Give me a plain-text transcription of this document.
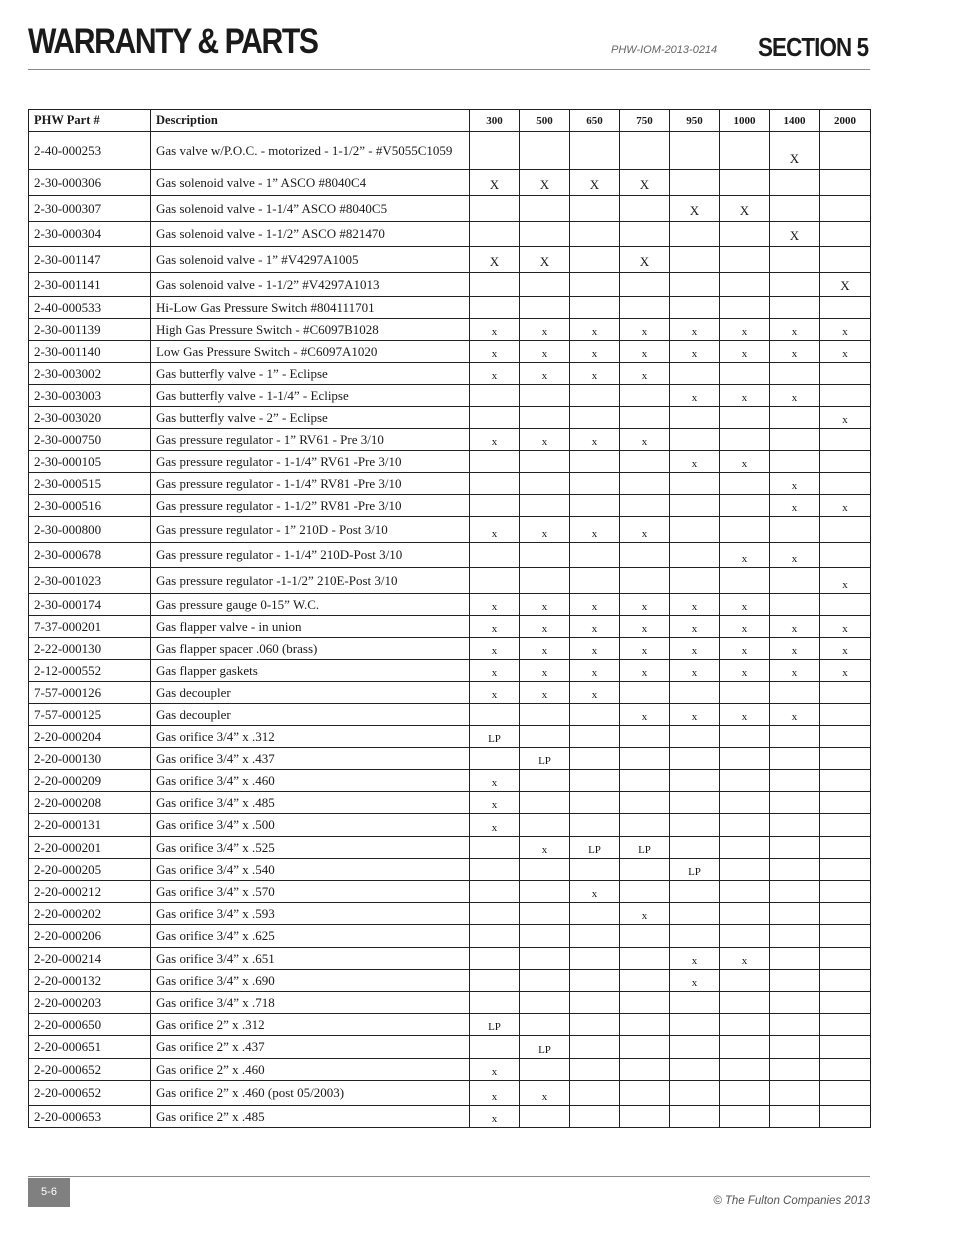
WARRANTY & PARTS	PHW-IOM-2013-0214 SECTION 5
PHW Part #	Description	300	500	650	750	950	1000	1400	2000
2-40-000253	Gas valve w/P.O.C. - motorized - 1-1/2” - #V5055C1059							X	
2-30-000306	Gas solenoid valve - 1” ASCO #8040C4	X	X	X	X				
2-30-000307	Gas solenoid valve - 1-1/4” ASCO #8040C5					X	X		
2-30-000304	Gas solenoid valve - 1-1/2” ASCO #821470							X	
2-30-001147	Gas solenoid valve - 1” #V4297A1005	X	X		X				
2-30-001141	Gas solenoid valve - 1-1/2” #V4297A1013								X
2-40-000533	Hi-Low Gas Pressure Switch #804111701								
2-30-001139	High Gas Pressure Switch - #C6097B1028	x	x	x	x	x	x	x	x
2-30-001140	Low Gas Pressure Switch - #C6097A1020	x	x	x	x	x	x	x	x
2-30-003002	Gas butterfly valve - 1” - Eclipse	x	x	x	x				
2-30-003003	Gas butterfly valve - 1-1/4” - Eclipse					x	x	x	
2-30-003020	Gas butterfly valve - 2” - Eclipse								x
2-30-000750	Gas pressure regulator - 1” RV61 - Pre 3/10	x	x	x	x				
2-30-000105	Gas pressure regulator - 1-1/4” RV61 -Pre 3/10					x	x		
2-30-000515	Gas pressure regulator - 1-1/4” RV81 -Pre 3/10							x	
2-30-000516	Gas pressure regulator - 1-1/2” RV81 -Pre 3/10							x	x
2-30-000800	Gas pressure regulator - 1” 210D - Post 3/10	x	x	x	x				
2-30-000678	Gas pressure regulator - 1-1/4” 210D-Post 3/10						x	x	
2-30-001023	Gas pressure regulator -1-1/2” 210E-Post 3/10								x
2-30-000174	Gas pressure gauge 0-15” W.C.	x	x	x	x	x	x		
7-37-000201	Gas flapper valve - in union	x	x	x	x	x	x	x	x
2-22-000130	Gas flapper spacer .060 (brass)	x	x	x	x	x	x	x	x
2-12-000552	Gas flapper gaskets	x	x	x	x	x	x	x	x
7-57-000126	Gas decoupler	x	x	x					
7-57-000125	Gas decoupler				x	x	x	x	
2-20-000204	Gas orifice 3/4” x .312	LP							
2-20-000130	Gas orifice 3/4” x .437		LP						
2-20-000209	Gas orifice 3/4” x .460	x							
2-20-000208	Gas orifice 3/4” x .485	x							
2-20-000131	Gas orifice 3/4” x .500	x							
2-20-000201	Gas orifice 3/4” x .525		x	LP	LP				
2-20-000205	Gas orifice 3/4” x .540					LP			
2-20-000212	Gas orifice 3/4” x .570			x					
2-20-000202	Gas orifice 3/4” x .593				x				
2-20-000206	Gas orifice 3/4” x .625								
2-20-000214	Gas orifice 3/4” x .651					x	x		
2-20-000132	Gas orifice 3/4” x .690					x			
2-20-000203	Gas orifice 3/4” x .718								
2-20-000650	Gas orifice 2” x .312	LP							
2-20-000651	Gas orifice 2” x .437		LP						
2-20-000652	Gas orifice 2” x .460	x							
2-20-000652	Gas orifice 2” x .460 (post 05/2003)	x	x						
2-20-000653	Gas orifice 2” x .485	x							
5-6
© The Fulton Companies 2013
